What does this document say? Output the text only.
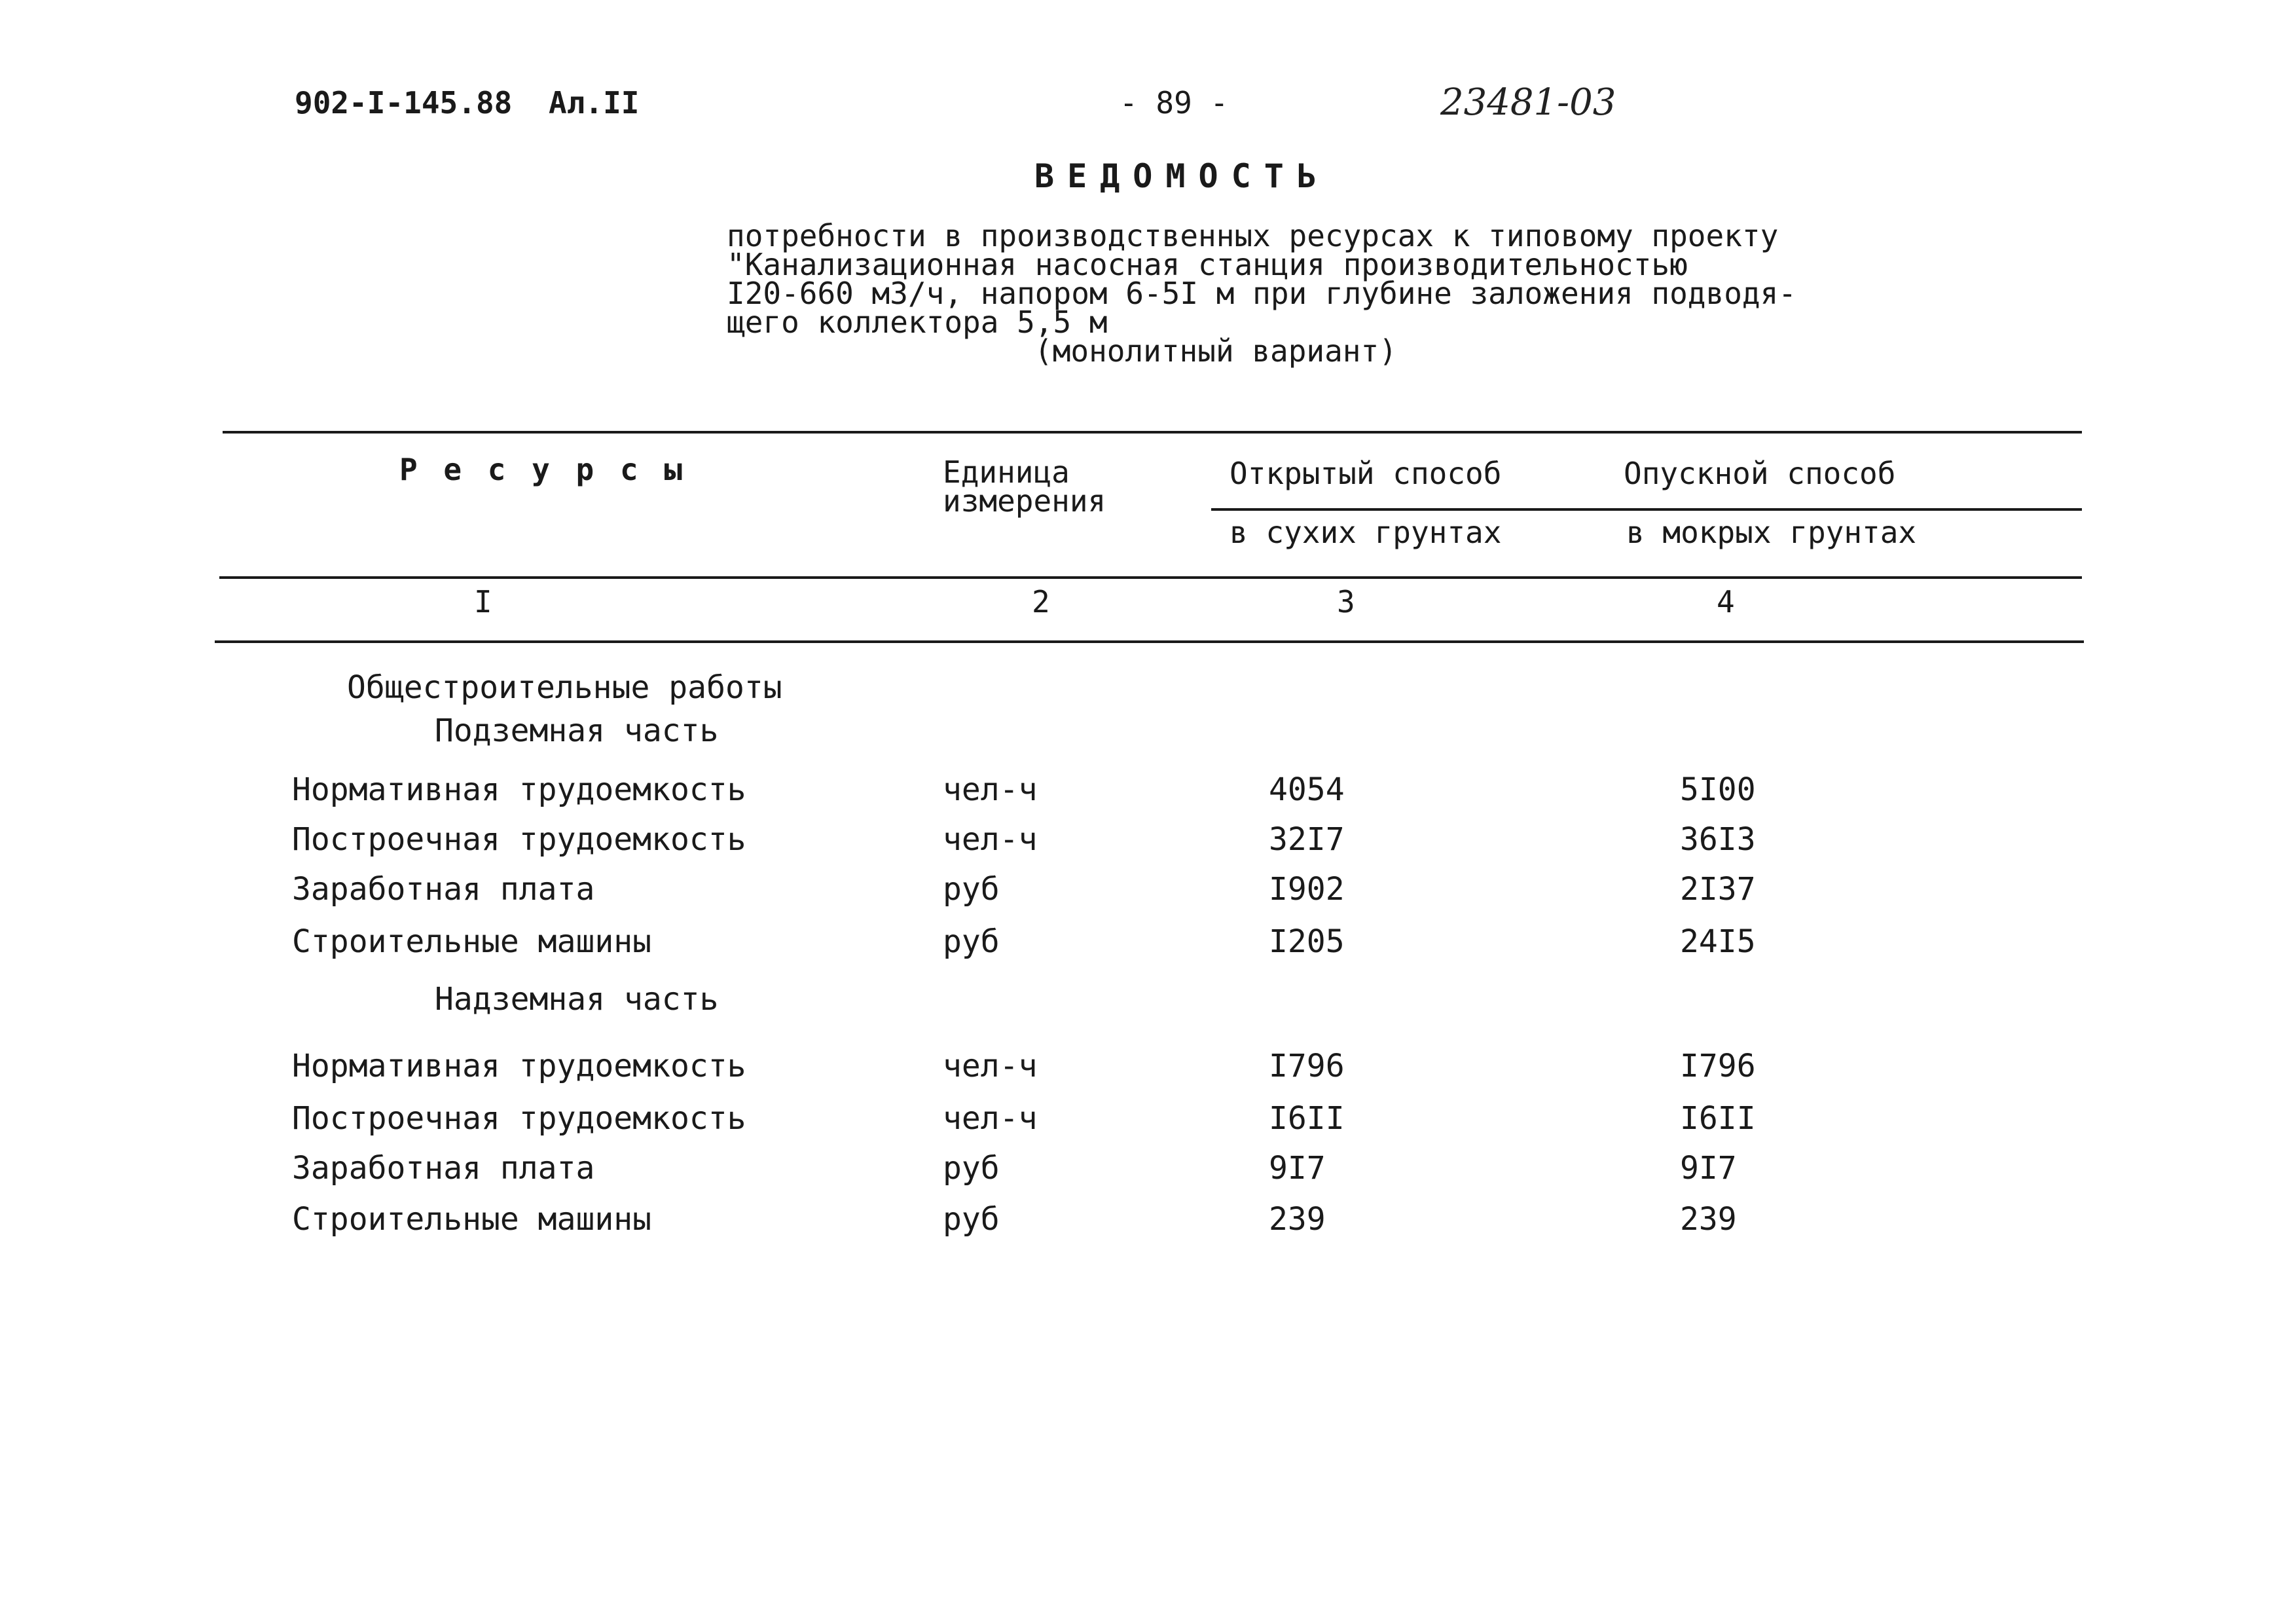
902-I-145.88 Ал.II	- 89 -	23481-03
ВЕДОМОСТЬ
потребности в производственных ресурсах к типовому проекту
"Канализационная насосная станция производительностью
I20-660 м3/ч, напором 6-5I м при глубине заложения подводя-
щего коллектора 5,5 м
(монолитный вариант)
Р е с у р с ы	Единица
измерения
Открытый способ	Опускной способ
в сухих грунтах	в мокрых грунтах
I	2	3	4
Общестроительные работы
Подземная часть
Нормативная трудоемкость	чел-ч	4054	5I00
Построечная трудоемкость	чел-ч	32I7	36I3
Заработная плата	руб	I902	2I37
Строительные машины	руб	I205	24I5
Надземная часть
Нормативная трудоемкость	чел-ч	I796	I796
Построечная трудоемкость	чел-ч	I6II	I6II
Заработная плата	руб	9I7	9I7
Строительные машины	руб	239	239
